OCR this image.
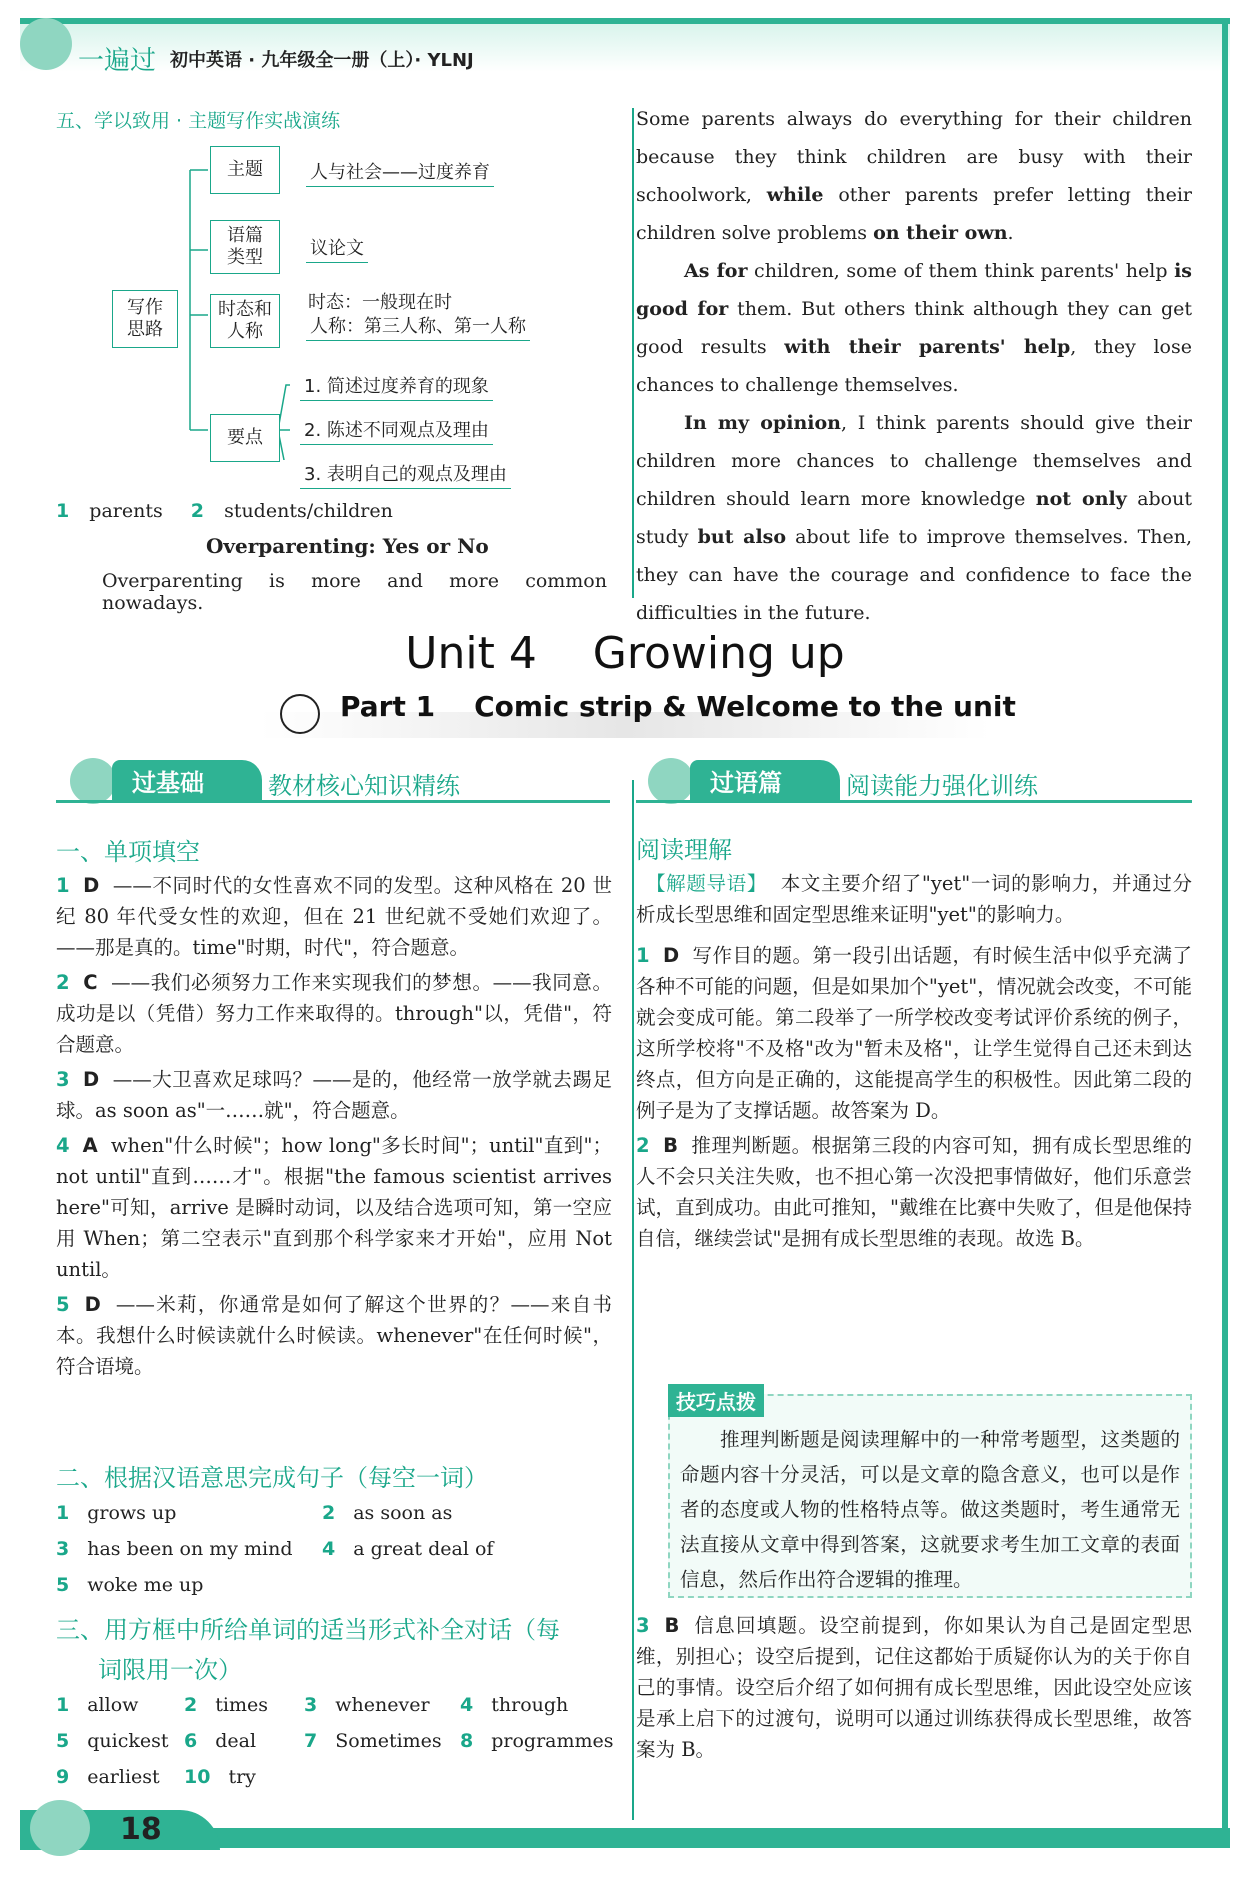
一遍过 初中英语 · 九年级全一册（上）· YLNJ
五、学以致用 · 主题写作实战演练
写作
思路
主题	人与社会——过度养育
语篇
类型	议论文
时态和
人称
时态：一般现在时
人称：第三人称、第一人称
要点
1. 简述过度养育的现象
2. 陈述不同观点及理由
3. 表明自己的观点及理由
1 parents 2 students/children
Overparenting: Yes or No
Overparenting is more and more common nowadays.

Some parents always do everything for their children because they think children are busy with their schoolwork, while other parents prefer letting their children solve problems on their own.

As for children, some of them think parents' help is good for them. But others think although they can get good results with their parents' help, they lose chances to challenge themselves.

In my opinion, I think parents should give their children more chances to challenge themselves and children should learn more knowledge not only about study but also about life to improve themselves. Then, they can have the courage and confidence to face the difficulties in the future.

Unit 4    Growing up
Part 1    Comic strip & Welcome to the unit
过基础	教材核心知识精练	过语篇	阅读能力强化训练
一、单项填空

1 D ——不同时代的女性喜欢不同的发型。这种风格在 20 世纪 80 年代受女性的欢迎，但在 21 世纪就不受她们欢迎了。——那是真的。time"时期，时代"，符合题意。

2 C ——我们必须努力工作来实现我们的梦想。——我同意。成功是以（凭借）努力工作来取得的。through"以，凭借"，符合题意。

3 D ——大卫喜欢足球吗？——是的，他经常一放学就去踢足球。as soon as"一……就"，符合题意。

4 A when"什么时候"；how long"多长时间"；until"直到"；not until"直到……才"。根据"the famous scientist arrives here"可知，arrive 是瞬时动词，以及结合选项可知，第一空应用 When；第二空表示"直到那个科学家来才开始"，应用 Not until。

5 D ——米莉，你通常是如何了解这个世界的？——来自书本。我想什么时候读就什么时候读。whenever"在任何时候"，符合语境。

二、根据汉语意思完成句子（每空一词）
1 grows up	2 as soon as
3 has been on my mind 4 a great deal of
5 woke me up
三、用方框中所给单词的适当形式补全对话（每
词限用一次）
1 allow 2 times 3 whenever 4 through
5 quickest 6 deal	7 Sometimes 8 programmes
9 earliest 10 try
阅读理解

【解题导语】 本文主要介绍了"yet"一词的影响力，并通过分析成长型思维和固定型思维来证明"yet"的影响力。

1 D 写作目的题。第一段引出话题，有时候生活中似乎充满了各种不可能的问题，但是如果加个"yet"，情况就会改变，不可能就会变成可能。第二段举了一所学校改变考试评价系统的例子，这所学校将"不及格"改为"暂未及格"，让学生觉得自己还未到达终点，但方向是正确的，这能提高学生的积极性。因此第二段的例子是为了支撑话题。故答案为 D。

2 B 推理判断题。根据第三段的内容可知，拥有成长型思维的人不会只关注失败，也不担心第一次没把事情做好，他们乐意尝试，直到成功。由此可推知，"戴维在比赛中失败了，但是他保持自信，继续尝试"是拥有成长型思维的表现。故选 B。

技巧点拨

推理判断题是阅读理解中的一种常考题型，这类题的命题内容十分灵活，可以是文章的隐含意义，也可以是作者的态度或人物的性格特点等。做这类题时，考生通常无法直接从文章中得到答案，这就要求考生加工文章的表面信息，然后作出符合逻辑的推理。

3 B 信息回填题。设空前提到，你如果认为自己是固定型思维，别担心；设空后提到，记住这都始于质疑你认为的关于你自己的事情。设空后介绍了如何拥有成长型思维，因此设空处应该是承上启下的过渡句，说明可以通过训练获得成长型思维，故答案为 B。

18
